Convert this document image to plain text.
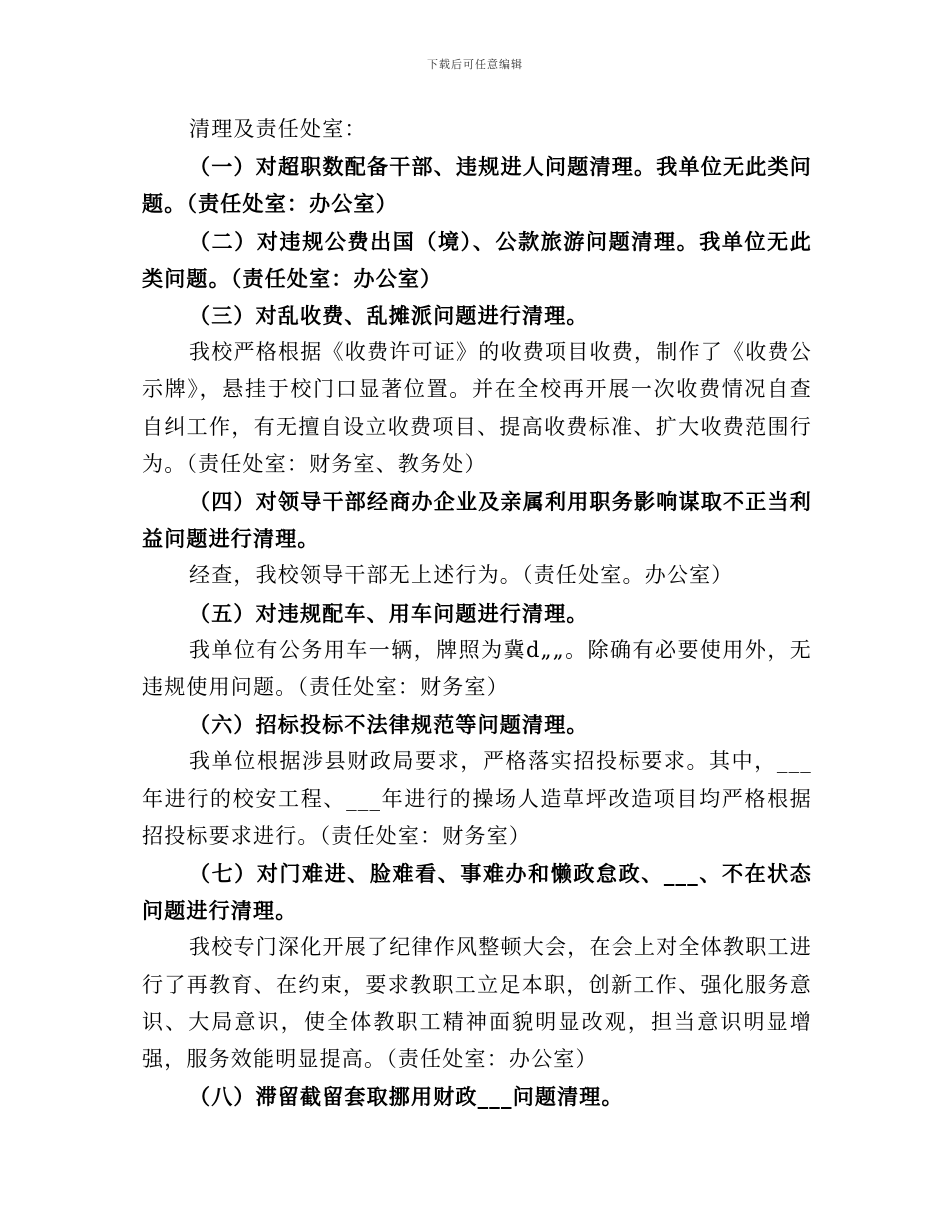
下载后可任意编辑

清理及责任处室：

（一）对超职数配备干部、违规进人问题清理。我单位无此类问题。（责任处室：办公室）

（二）对违规公费出国（境）、公款旅游问题清理。我单位无此类问题。（责任处室：办公室）

（三）对乱收费、乱摊派问题进行清理。

我校严格根据《收费许可证》的收费项目收费，制作了《收费公示牌》，悬挂于校门口显著位置。并在全校再开展一次收费情况自查自纠工作，有无擅自设立收费项目、提高收费标准、扩大收费范围行为。（责任处室：财务室、教务处）

（四）对领导干部经商办企业及亲属利用职务影响谋取不正当利益问题进行清理。

经查，我校领导干部无上述行为。（责任处室。办公室）

（五）对违规配车、用车问题进行清理。

我单位有公务用车一辆，牌照为冀d„„。除确有必要使用外，无违规使用问题。（责任处室：财务室）

（六）招标投标不法律规范等问题清理。

我单位根据涉县财政局要求，严格落实招投标要求。其中，___年进行的校安工程、___年进行的操场人造草坪改造项目均严格根据招投标要求进行。（责任处室：财务室）

（七）对门难进、脸难看、事难办和懒政怠政、___、不在状态问题进行清理。

我校专门深化开展了纪律作风整顿大会，在会上对全体教职工进行了再教育、在约束，要求教职工立足本职，创新工作、强化服务意识、大局意识，使全体教职工精神面貌明显改观，担当意识明显增强，服务效能明显提高。（责任处室：办公室）

（八）滞留截留套取挪用财政___问题清理。
